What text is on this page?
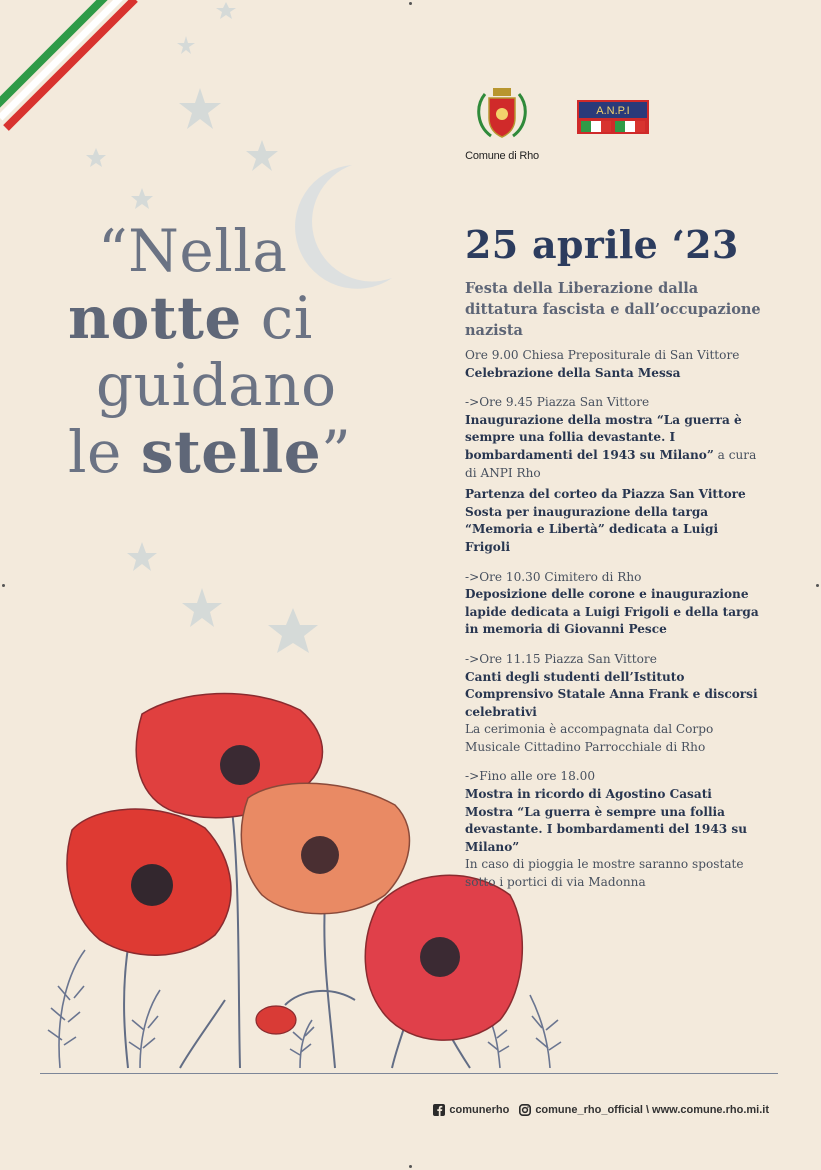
Comune di Rho
A.N.P.I
“Nella
notte ci
guidano
le stelle”
25 aprile ‘23
Festa della Liberazione dalla dittatura fascista e dall’occupazione nazista
Ore 9.00 Chiesa Prepositurale di San Vittore
Celebrazione della Santa Messa
->Ore 9.45 Piazza San Vittore
Inaugurazione della mostra “La guerra è sempre una follia devastante. I bombardamenti del 1943 su Milano” a cura di ANPI Rho
Partenza del corteo da Piazza San Vittore Sosta per inaugurazione della targa “Memoria e Libertà” dedicata a Luigi Frigoli
->Ore 10.30 Cimitero di Rho
Deposizione delle corone e inaugurazione lapide dedicata a Luigi Frigoli e della targa in memoria di Giovanni Pesce
->Ore 11.15 Piazza San Vittore
Canti degli studenti dell’Istituto Comprensivo Statale Anna Frank e discorsi celebrativi
La cerimonia è accompagnata dal Corpo Musicale Cittadino Parrocchiale di Rho
->Fino alle ore 18.00
Mostra in ricordo di Agostino Casati
Mostra “La guerra è sempre una follia devastante. I bombardamenti del 1943 su Milano”
In caso di pioggia le mostre saranno spostate sotto i portici di via Madonna
comunerho comune_rho_official \ www.comune.rho.mi.it
